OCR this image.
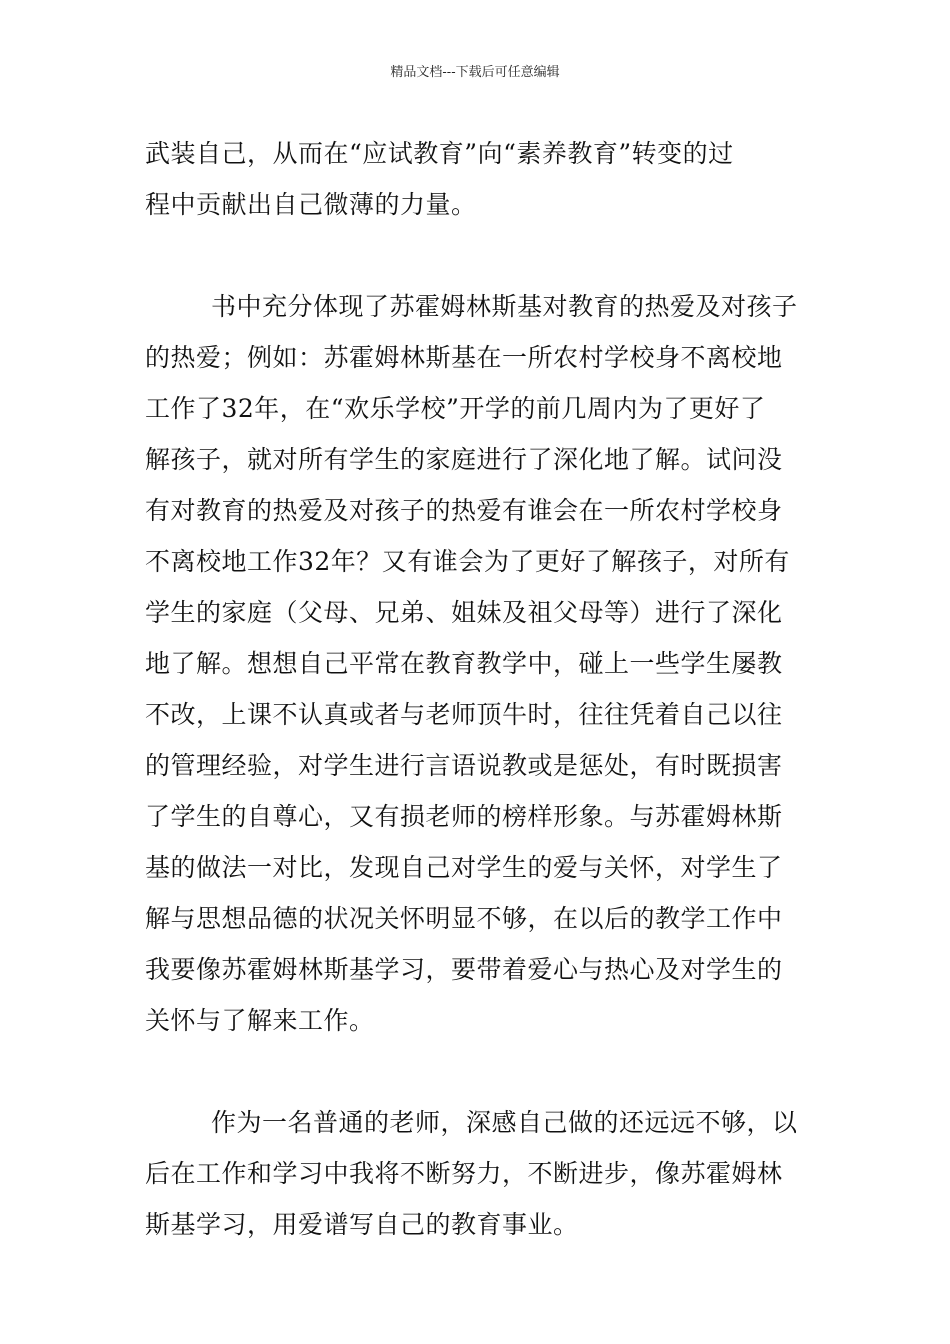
精品文档---下载后可任意编辑

武装自己，从而在“应试教育”向“素养教育”转变的过
程中贡献出自己微薄的力量。

书中充分体现了苏霍姆林斯基对教育的热爱及对孩子
的热爱；例如：苏霍姆林斯基在一所农村学校身不离校地
工作了32年，在“欢乐学校”开学的前几周内为了更好了
解孩子，就对所有学生的家庭进行了深化地了解。试问没
有对教育的热爱及对孩子的热爱有谁会在一所农村学校身
不离校地工作32年？又有谁会为了更好了解孩子，对所有
学生的家庭（父母、兄弟、姐妹及祖父母等）进行了深化
地了解。想想自己平常在教育教学中，碰上一些学生屡教
不改，上课不认真或者与老师顶牛时，往往凭着自己以往
的管理经验，对学生进行言语说教或是惩处，有时既损害
了学生的自尊心，又有损老师的榜样形象。与苏霍姆林斯
基的做法一对比，发现自己对学生的爱与关怀，对学生了
解与思想品德的状况关怀明显不够，在以后的教学工作中
我要像苏霍姆林斯基学习，要带着爱心与热心及对学生的
关怀与了解来工作。

作为一名普通的老师，深感自己做的还远远不够，以
后在工作和学习中我将不断努力，不断进步，像苏霍姆林
斯基学习，用爱谱写自己的教育事业。
